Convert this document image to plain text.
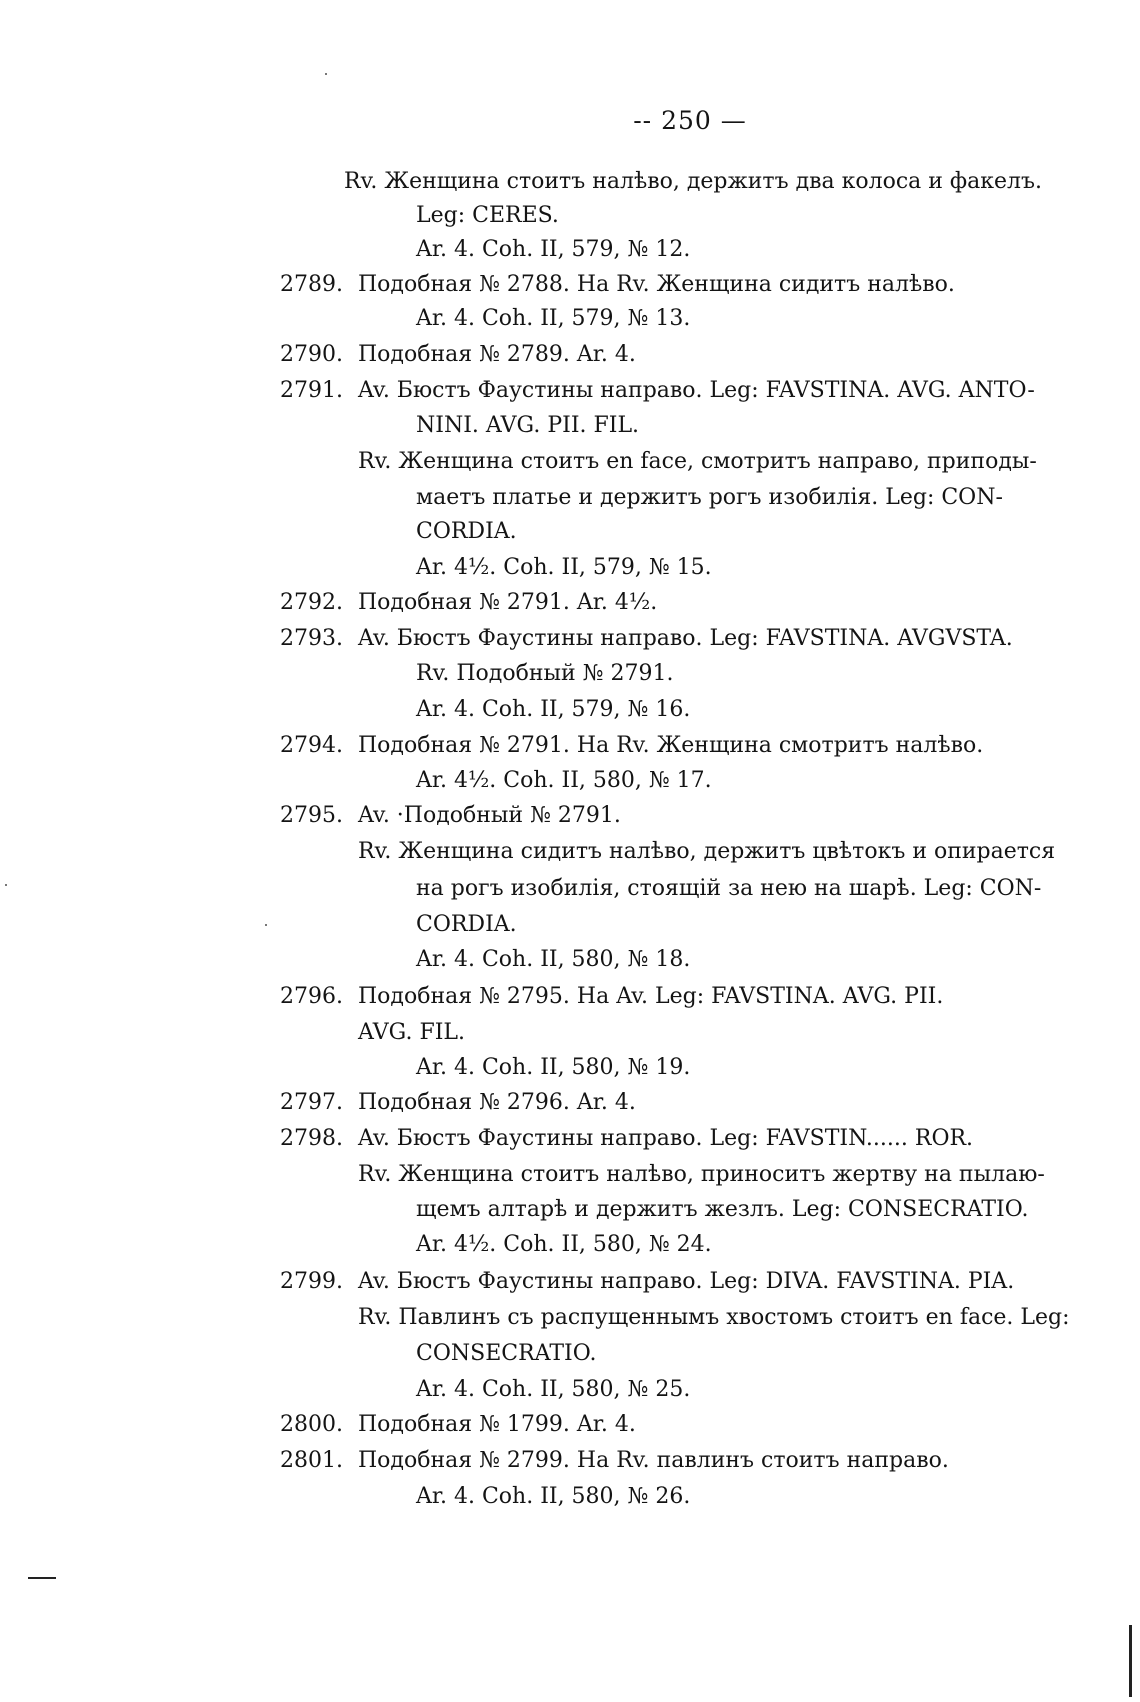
-- 250 —
Rv. Женщина стоитъ налѣво, держитъ два колоса и факелъ.
Leg: CERES.
Ar. 4. Coh. II, 579, № 12.
2789. Подобная № 2788. На Rv. Женщина сидитъ налѣво.
Ar. 4. Coh. II, 579, № 13.
2790. Подобная № 2789. Ar. 4.
2791. Av. Бюстъ Фаустины направо. Leg: FAVSTINA. AVG. ANTO-
NINI. AVG. PII. FIL.
Rv. Женщина стоитъ en face, смотритъ направо, приподы-
маетъ платье и держитъ рогъ изобилія. Leg: CON-
CORDIA.
Ar. 4½. Coh. II, 579, № 15.
2792. Подобная № 2791. Ar. 4½.
2793. Av. Бюстъ Фаустины направо. Leg: FAVSTINA. AVGVSTA.
Rv. Подобный № 2791.
Ar. 4. Coh. II, 579, № 16.
2794. Подобная № 2791. На Rv. Женщина смотритъ налѣво.
Ar. 4½. Coh. II, 580, № 17.
2795. Av. ·Подобный № 2791.
Rv. Женщина сидитъ налѣво, держитъ цвѣтокъ и опирается
на рогъ изобилія, стоящій за нею на шарѣ. Leg: CON-
CORDIA.
Ar. 4. Coh. II, 580, № 18.
2796. Подобная № 2795. На Av. Leg: FAVSTINA. AVG. PII.
AVG. FIL.
Ar. 4. Coh. II, 580, № 19.
2797. Подобная № 2796. Ar. 4.
2798. Av. Бюстъ Фаустины направо. Leg: FAVSTIN...... ROR.
Rv. Женщина стоитъ налѣво, приноситъ жертву на пылаю-
щемъ алтарѣ и держитъ жезлъ. Leg: CONSECRATIO.
Ar. 4½. Coh. II, 580, № 24.
2799. Av. Бюстъ Фаустины направо. Leg: DIVA. FAVSTINA. PIA.
Rv. Павлинъ съ распущеннымъ хвостомъ стоитъ en face. Leg:
CONSECRATIO.
Ar. 4. Coh. II, 580, № 25.
2800. Подобная № 1799. Ar. 4.
2801. Подобная № 2799. На Rv. павлинъ стоитъ направо.
Ar. 4. Coh. II, 580, № 26.
